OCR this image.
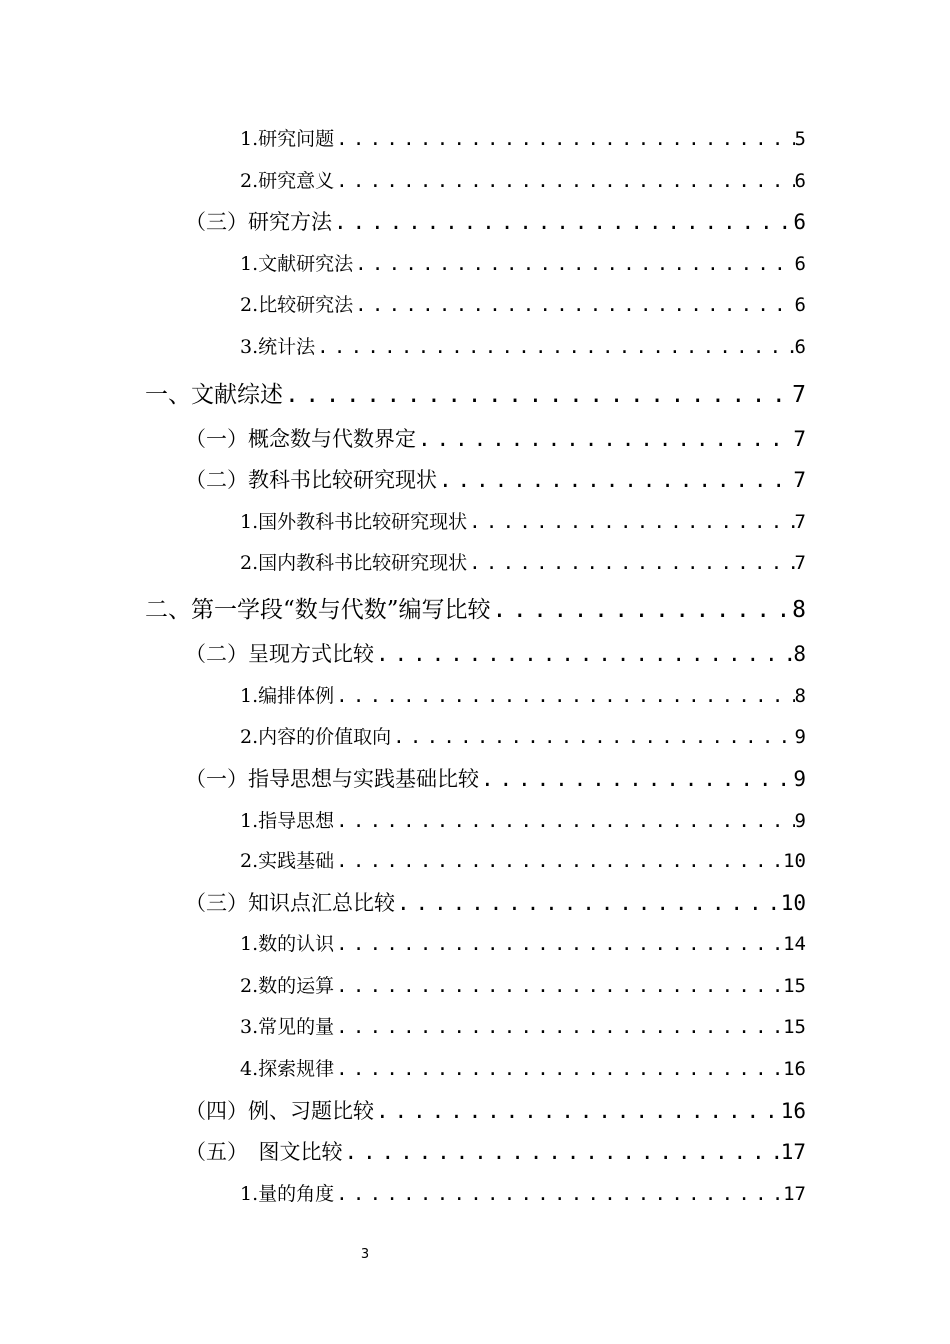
1.研究问题 .....	5
2.研究意义 .....	6
（三）研究方法 .....	6
1.文献研究法 .....	6
2.比较研究法 .....	6
3.统计法 .....	6
一、文献综述 .....	7
（一）概念数与代数界定 .....	7
（二）教科书比较研究现状 .....	7
1.国外教科书比较研究现状 .....	7
2.国内教科书比较研究现状 .....	7
二、第一学段“数与代数”编写比较 .....	8
（二）呈现方式比较 .....	8
1.编排体例 .....	8
2.内容的价值取向 .....	9
（一）指导思想与实践基础比较 .....	9
1.指导思想 .....	9
2.实践基础 .....	10
（三）知识点汇总比较 .....	10
1.数的认识 .....	14
2.数的运算 .....	15
3.常见的量 .....	15
4.探索规律 .....	16
（四）例、习题比较 .....	16
（五）　图文比较 .....	17
1.量的角度 .....	17
3
